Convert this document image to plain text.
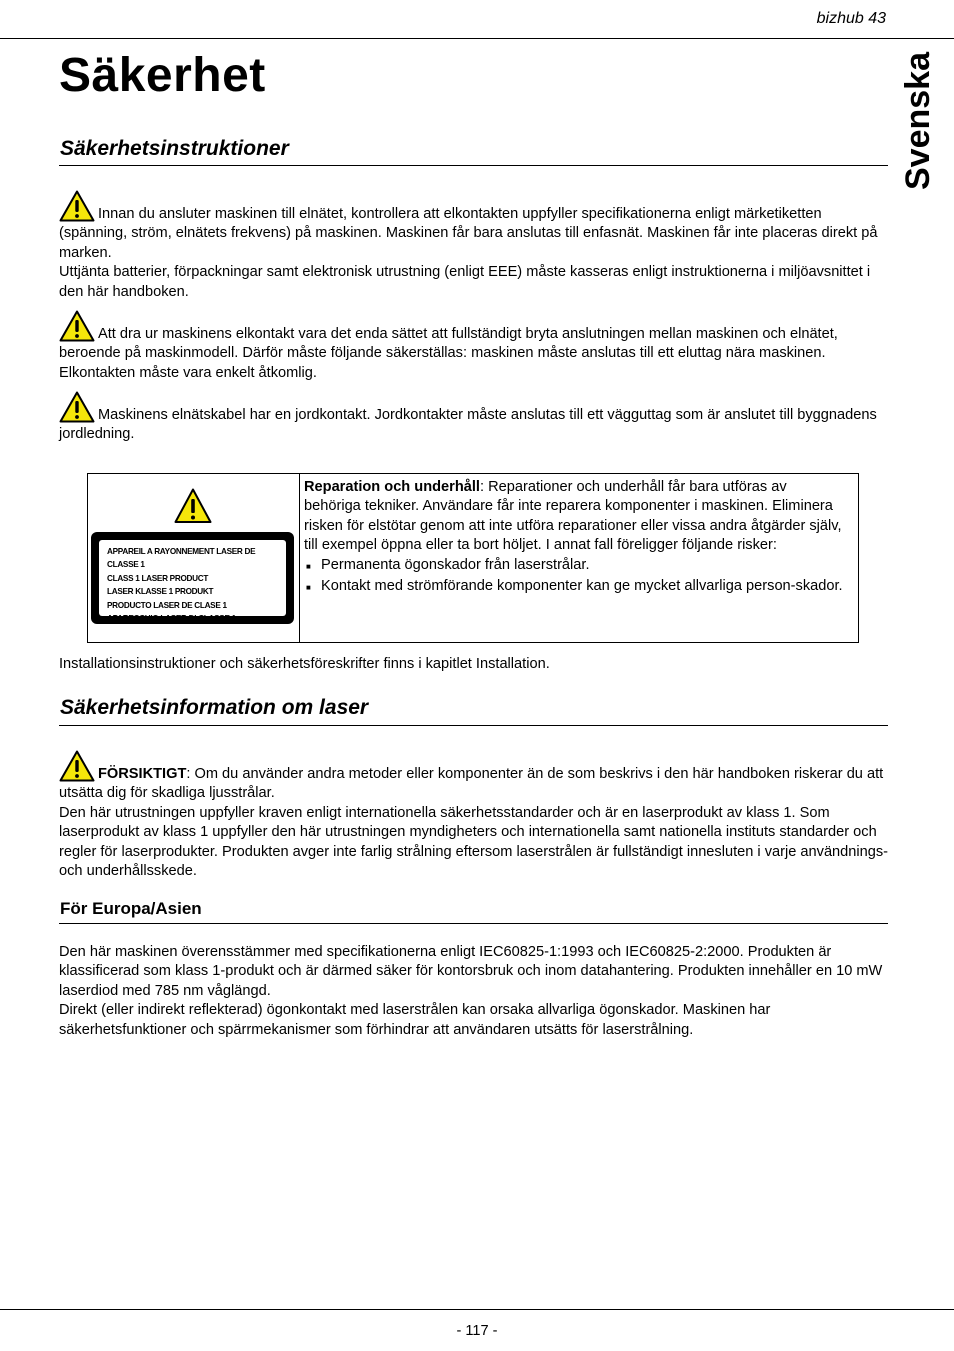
bizhub 43
Säkerhet	Svenska
Säkerhetsinstruktioner
Innan du ansluter maskinen till elnätet, kontrollera att elkontakten uppfyller specifikationerna enligt märketiketten (spänning, ström, elnätets frekvens) på maskinen. Maskinen får bara anslutas till enfasnät. Maskinen får inte placeras direkt på marken.
Uttjänta batterier, förpackningar samt elektronisk utrustning (enligt EEE) måste kasseras enligt instruktionerna i miljöavsnittet i den här handboken.
Att dra ur maskinens elkontakt vara det enda sättet att fullständigt bryta anslutningen mellan maskinen och elnätet, beroende på maskinmodell. Därför måste följande säkerställas: maskinen måste anslutas till ett eluttag nära maskinen. Elkontakten måste vara enkelt åtkomlig.
Maskinens elnätskabel har en jordkontakt. Jordkontakter måste anslutas till ett vägguttag som är anslutet till byggnadens jordledning.
APPAREIL A RAYONNEMENT LASER DE CLASSE 1
CLASS 1 LASER PRODUCT
LASER KLASSE 1 PRODUKT
PRODUCTO LASER DE CLASE 1
APARECCHIO LASER DI CLASSE 1
Reparation och underhåll: Reparationer och underhåll får bara utföras av behöriga tekniker. Användare får inte reparera komponenter i maskinen. Eliminera risken för elstötar genom att inte utföra reparationer eller vissa andra åtgärder själv, till exempel öppna eller ta bort höljet. I annat fall föreligger följande risker:
■ Permanenta ögonskador från laserstrålar.
■ Kontakt med strömförande komponenter kan ge mycket allvarliga person-skador.
Installationsinstruktioner och säkerhetsföreskrifter finns i kapitlet Installation.
Säkerhetsinformation om laser
FÖRSIKTIGT: Om du använder andra metoder eller komponenter än de som beskrivs i den här handboken riskerar du att utsätta dig för skadliga ljusstrålar.
Den här utrustningen uppfyller kraven enligt internationella säkerhetsstandarder och är en laserprodukt av klass 1. Som laserprodukt av klass 1 uppfyller den här utrustningen myndigheters och internationella samt nationella instituts standarder och regler för laserprodukter. Produkten avger inte farlig strålning eftersom laserstrålen är fullständigt innesluten i varje användnings- och underhållsskede.
För Europa/Asien
Den här maskinen överensstämmer med specifikationerna enligt IEC60825-1:1993 och IEC60825-2:2000. Produkten är klassificerad som klass 1-produkt och är därmed säker för kontorsbruk och inom datahantering. Produkten innehåller en 10 mW laserdiod med 785 nm våglängd.
Direkt (eller indirekt reflekterad) ögonkontakt med laserstrålen kan orsaka allvarliga ögonskador. Maskinen har säkerhetsfunktioner och spärrmekanismer som förhindrar att användaren utsätts för laserstrålning.
- 117 -
